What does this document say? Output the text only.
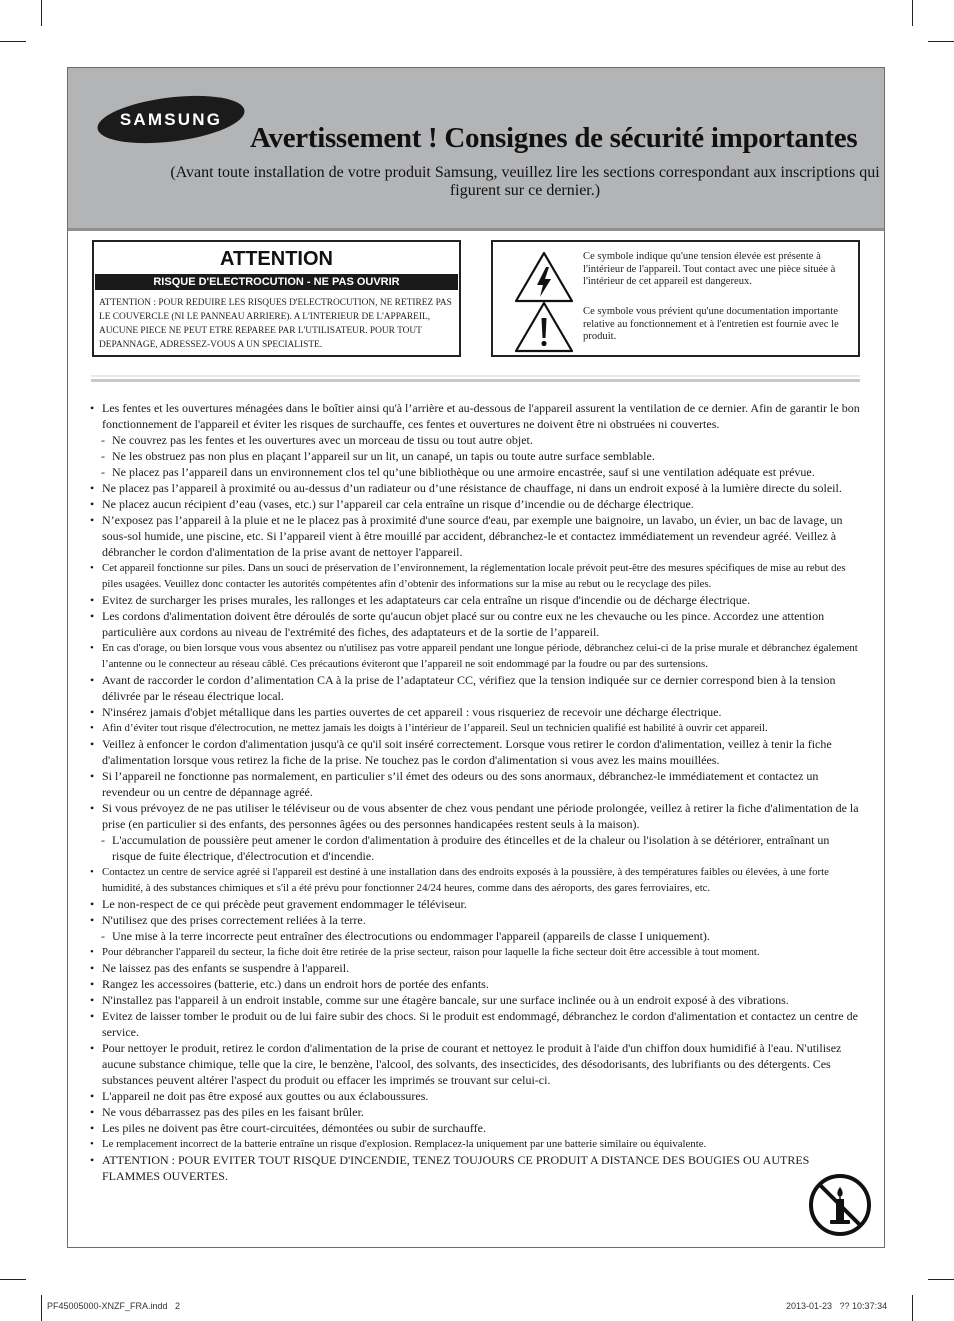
SAMSUNG
Avertissement ! Consignes de sécurité importantes
(Avant toute installation de votre produit Samsung, veuillez lire les sections correspondant aux inscriptions qui figurent sur ce dernier.)
ATTENTION
RISQUE D'ELECTROCUTION - NE PAS OUVRIR
ATTENTION : POUR REDUIRE LES RISQUES D'ELECTROCUTION, NE RETIREZ PAS LE COUVERCLE (NI LE PANNEAU ARRIERE). A L'INTERIEUR DE L'APPAREIL, AUCUNE PIECE NE PEUT ETRE REPAREE PAR L'UTILISATEUR. POUR TOUT DEPANNAGE, ADRESSEZ-VOUS A UN SPECIALISTE.
Ce symbole indique qu'une tension élevée est présente à l'intérieur de l'appareil. Tout contact avec une pièce située à l'intérieur de cet appareil est dangereux.
Ce symbole vous prévient qu'une documentation importante relative au fonctionnement et à l'entretien est fournie avec le produit.
• Les fentes et les ouvertures ménagées dans le boîtier ainsi qu'à l’arrière et au-dessous de l'appareil assurent la ventilation de ce dernier. Afin de garantir le bon fonctionnement de l'appareil et éviter les risques de surchauffe, ces fentes et ouvertures ne doivent être ni obstruées ni couvertes.
- Ne couvrez pas les fentes et les ouvertures avec un morceau de tissu ou tout autre objet.
- Ne les obstruez pas non plus en plaçant l’appareil sur un lit, un canapé, un tapis ou toute autre surface semblable.
- Ne placez pas l’appareil dans un environnement clos tel qu’une bibliothèque ou une armoire encastrée, sauf si une ventilation adéquate est prévue.
• Ne placez pas l’appareil à proximité ou au-dessus d’un radiateur ou d’une résistance de chauffage, ni dans un endroit exposé à la lumière directe du soleil.
• Ne placez aucun récipient d’eau (vases, etc.) sur l’appareil car cela entraîne un risque d’incendie ou de décharge électrique.
• N’exposez pas l’appareil à la pluie et ne le placez pas à proximité d'une source d'eau, par exemple une baignoire, un lavabo, un évier, un bac de lavage, un sous-sol humide, une piscine, etc. Si l’appareil vient à être mouillé par accident, débranchez-le et contactez immédiatement un revendeur agréé. Veillez à débrancher le cordon d'alimentation de la prise avant de nettoyer l'appareil.
• Cet appareil fonctionne sur piles. Dans un souci de préservation de l’environnement, la réglementation locale prévoit peut-être des mesures spécifiques de mise au rebut des piles usagées. Veuillez donc contacter les autorités compétentes afin d’obtenir des informations sur la mise au rebut ou le recyclage des piles.
• Evitez de surcharger les prises murales, les rallonges et les adaptateurs car cela entraîne un risque d'incendie ou de décharge électrique.
• Les cordons d'alimentation doivent être déroulés de sorte qu'aucun objet placé sur ou contre eux ne les chevauche ou les pince. Accordez une attention particulière aux cordons au niveau de l'extrémité des fiches, des adaptateurs et de la sortie de l’appareil.
• En cas d'orage, ou bien lorsque vous vous absentez ou n'utilisez pas votre appareil pendant une longue période, débranchez celui-ci de la prise murale et débranchez également l’antenne ou le connecteur au réseau câblé. Ces précautions éviteront que l’appareil ne soit endommagé par la foudre ou par des surtensions.
• Avant de raccorder le cordon d’alimentation CA à la prise de l’adaptateur CC, vérifiez que la tension indiquée sur ce dernier correspond bien à la tension délivrée par le réseau électrique local.
• N'insérez jamais d'objet métallique dans les parties ouvertes de cet appareil : vous risqueriez de recevoir une décharge électrique.
• Afin d’éviter tout risque d'électrocution, ne mettez jamais les doigts à l’intérieur de l’appareil. Seul un technicien qualifié est habilité à ouvrir cet appareil.
• Veillez à enfoncer le cordon d'alimentation jusqu'à ce qu'il soit inséré correctement. Lorsque vous retirer le cordon d'alimentation, veillez à tenir la fiche d'alimentation lorsque vous retirez la fiche de la prise. Ne touchez pas le cordon d'alimentation si vous avez les mains mouillées.
• Si l’appareil ne fonctionne pas normalement, en particulier s’il émet des odeurs ou des sons anormaux, débranchez-le immédiatement et contactez un revendeur ou un centre de dépannage agréé.
• Si vous prévoyez de ne pas utiliser le téléviseur ou de vous absenter de chez vous pendant une période prolongée, veillez à retirer la fiche d'alimentation de la prise (en particulier si des enfants, des personnes âgées ou des personnes handicapées restent seuls à la maison).
- L'accumulation de poussière peut amener le cordon d'alimentation à produire des étincelles et de la chaleur ou l'isolation à se détériorer, entraînant un risque de fuite électrique, d'électrocution et d'incendie.
• Contactez un centre de service agréé si l'appareil est destiné à une installation dans des endroits exposés à la poussière, à des températures faibles ou élevées, à une forte humidité, à des substances chimiques et s'il a été prévu pour fonctionner 24/24 heures, comme dans des aéroports, des gares ferroviaires, etc.
• Le non-respect de ce qui précède peut gravement endommager le téléviseur.
• N'utilisez que des prises correctement reliées à la terre.
- Une mise à la terre incorrecte peut entraîner des électrocutions ou endommager l'appareil (appareils de classe I uniquement).
• Pour débrancher l'appareil du secteur, la fiche doit être retirée de la prise secteur, raison pour laquelle la fiche secteur doit être accessible à tout moment.
• Ne laissez pas des enfants se suspendre à l'appareil.
• Rangez les accessoires (batterie, etc.) dans un endroit hors de portée des enfants.
• N'installez pas l'appareil à un endroit instable, comme sur une étagère bancale, sur une surface inclinée ou à un endroit exposé à des vibrations.
• Evitez de laisser tomber le produit ou de lui faire subir des chocs. Si le produit est endommagé, débranchez le cordon d'alimentation et contactez un centre de service.
• Pour nettoyer le produit, retirez le cordon d'alimentation de la prise de courant et nettoyez le produit à l'aide d'un chiffon doux humidifié à l'eau. N'utilisez aucune substance chimique, telle que la cire, le benzène, l'alcool, des solvants, des insecticides, des désodorisants, des lubrifiants ou des détergents. Ces substances peuvent altérer l'aspect du produit ou effacer les imprimés se trouvant sur celui-ci.
• L'appareil ne doit pas être exposé aux gouttes ou aux éclaboussures.
• Ne vous débarrassez pas des piles en les faisant brûler.
• Les piles ne doivent pas être court-circuitées, démontées ou subir de surchauffe.
• Le remplacement incorrect de la batterie entraîne un risque d'explosion. Remplacez-la uniquement par une batterie similaire ou équivalente.
• ATTENTION : POUR EVITER TOUT RISQUE D'INCENDIE, TENEZ TOUJOURS CE PRODUIT A DISTANCE DES BOUGIES OU AUTRES FLAMMES OUVERTES.
PF45005000-XNZF_FRA.indd   2	2013-01-23   ?? 10:37:34
